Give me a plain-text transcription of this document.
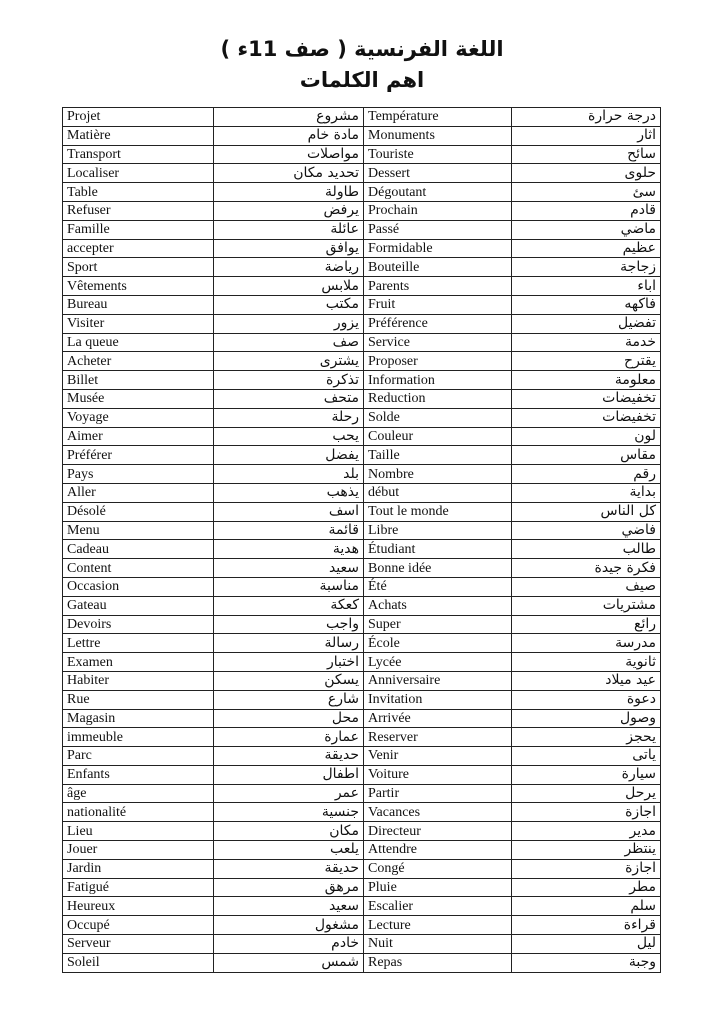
اللغة الفرنسية ( صف 11ء )
اهم الكلمات
Projet	مشروع	Température	درجة حرارة
Matière	مادة خام	Monuments	اثار
Transport	مواصلات	Touriste	سائح
Localiser	تحديد مكان	Dessert	حلوى
Table	طاولة	Dégoutant	سئ
Refuser	يرفض	Prochain	قادم
Famille	عائلة	Passé	ماضي
accepter	يوافق	Formidable	عظيم
Sport	رياضة	Bouteille	زجاجة
Vêtements	ملابس	Parents	اباء
Bureau	مكتب	Fruit	فاكهه
Visiter	يزور	Préférence	تفضيل
La queue	صف	Service	خدمة
Acheter	يشترى	Proposer	يقترح
Billet	تذكرة	Information	معلومة
Musée	متحف	Reduction	تخفيضات
Voyage	رحلة	Solde	تخفيضات
Aimer	يحب	Couleur	لون
Préférer	يفضل	Taille	مقاس
Pays	بلد	Nombre	رقم
Aller	يذهب	début	بداية
Désolé	اسف	Tout le monde	كل الناس
Menu	قائمة	Libre	فاضي
Cadeau	هدية	Étudiant	طالب
Content	سعيد	Bonne idée	فكرة جيدة
Occasion	مناسبة	Été	صيف
Gateau	كعكة	Achats	مشتريات
Devoirs	واجب	Super	رائع
Lettre	رسالة	École	مدرسة
Examen	اختبار	Lycée	ثانوية
Habiter	يسكن	Anniversaire	عيد ميلاد
Rue	شارع	Invitation	دعوة
Magasin	محل	Arrivée	وصول
immeuble	عمارة	Reserver	يحجز
Parc	حديقة	Venir	ياتى
Enfants	اطفال	Voiture	سيارة
âge	عمر	Partir	يرحل
nationalité	جنسية	Vacances	اجازة
Lieu	مكان	Directeur	مدير
Jouer	يلعب	Attendre	ينتظر
Jardin	حديقة	Congé	اجازة
Fatigué	مرهق	Pluie	مطر
Heureux	سعيد	Escalier	سلم
Occupé	مشغول	Lecture	قراءة
Serveur	خادم	Nuit	ليل
Soleil	شمس	Repas	وجبة
